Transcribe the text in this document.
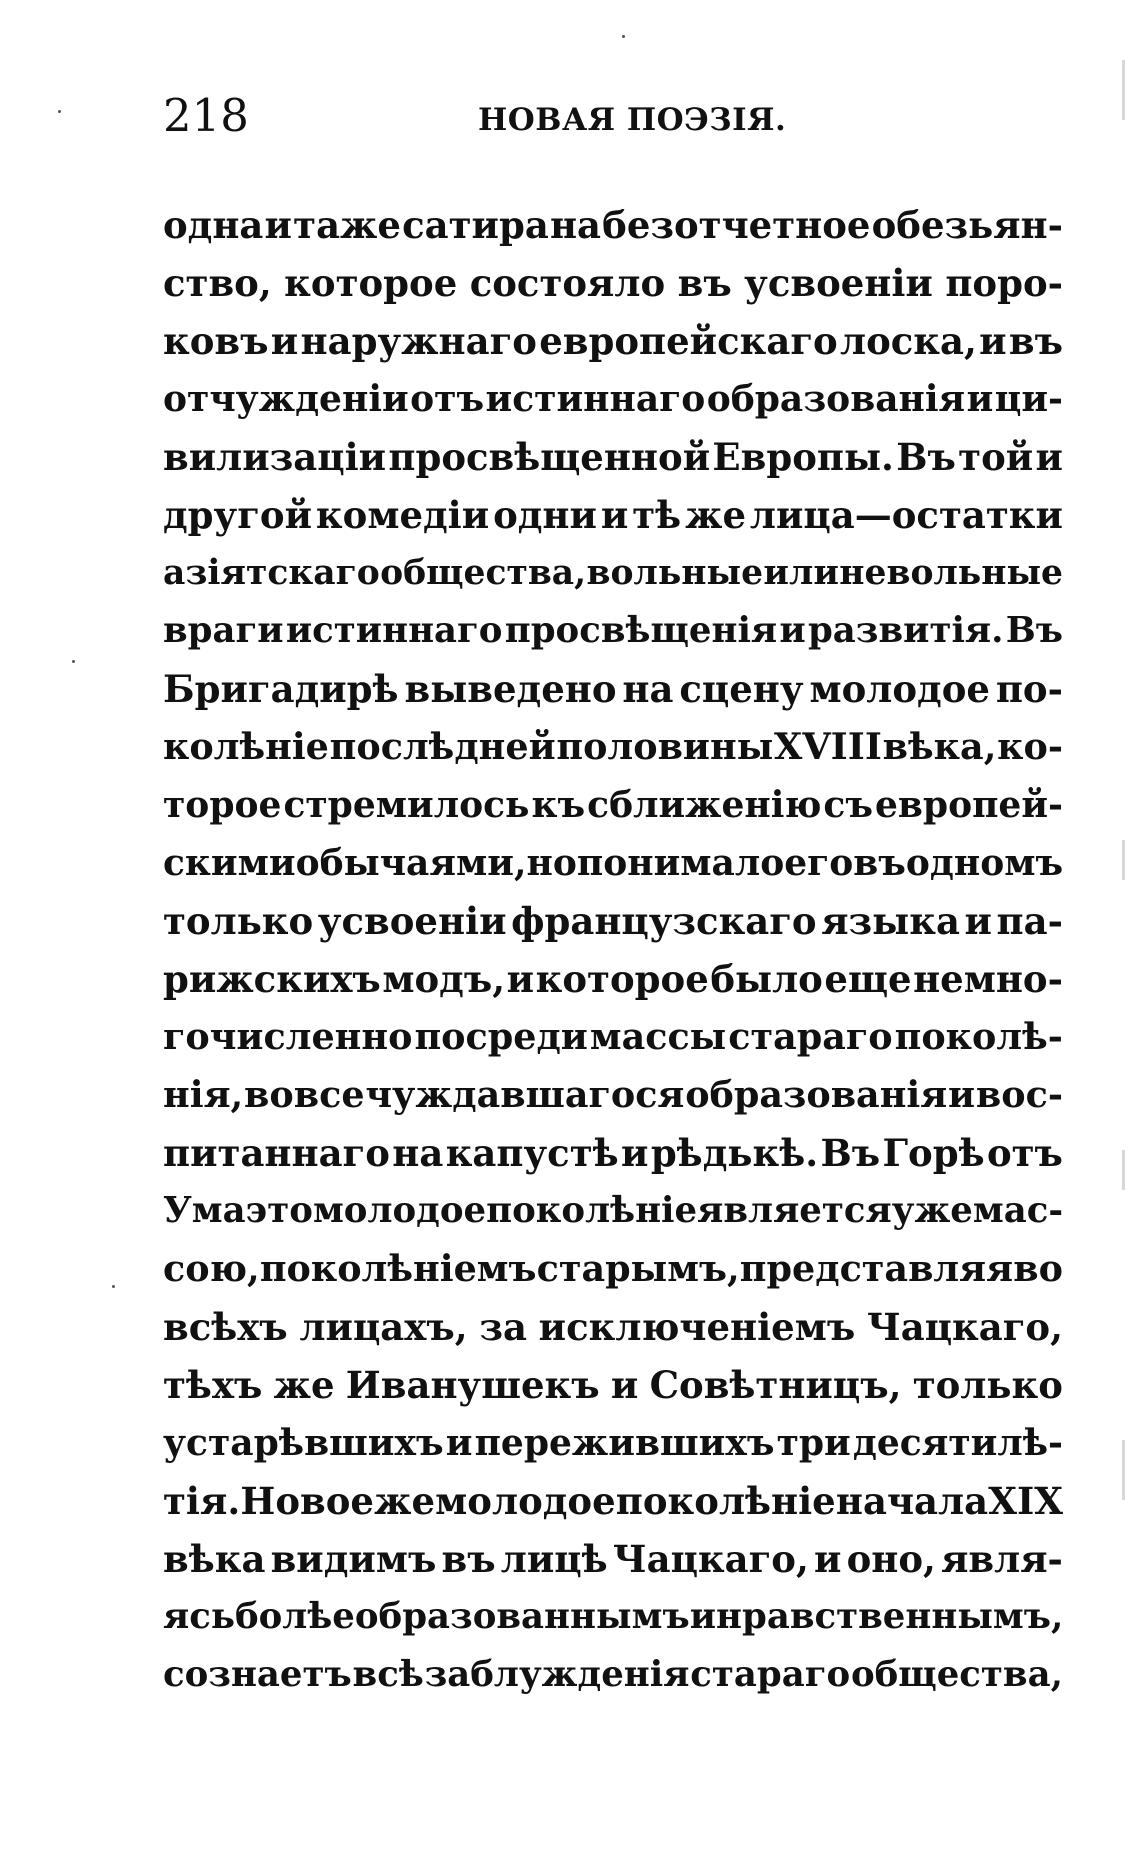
218	НОВАЯ ПОЭЗІЯ.
одна и таже сатира на безотчетное обезьян-
ство, которое состояло въ усвоеніи поро-
ковъ и наружнаго европейскаго лоска, и въ
отчужденіи отъ истиннаго образованія и ци-
вилизаціи просвѣщенной Европы. Въ той и
другой комедіи одни и тѣ же лица—остатки
азіятскаго общества, вольные или невольные
враги истиннаго просвѣщенія и развитія. Въ
Бригадирѣ выведено на сцену молодое по-
колѣніе послѣдней половины XVIII вѣка, ко-
торое стремилось къ сближенію съ европей-
скими обычаями, но понимало его въ одномъ
только усвоеніи французскаго языка и па-
рижскихъ модъ, и которое было еще немно-
гочисленно посреди массы стараго поколѣ-
нія, вовсе чуждавшагося образованія и вос-
питаннаго на капустѣ и рѣдькѣ. Въ Горѣ отъ
Ума это молодое поколѣніе является уже мас-
сою, поколѣніемъ старымъ, представляя во
всѣхъ лицахъ, за исключеніемъ Чацкаго,
тѣхъ же Иванушекъ и Совѣтницъ, только
устарѣвшихъ и пережившихъ три десятилѣ-
тія. Новое же молодое поколѣніе начала XIX
вѣка видимъ въ лицѣ Чацкаго, и оно, явля-
ясь болѣе образованнымъ и нравственнымъ,
сознаетъ всѣ заблужденія стараго общества,
